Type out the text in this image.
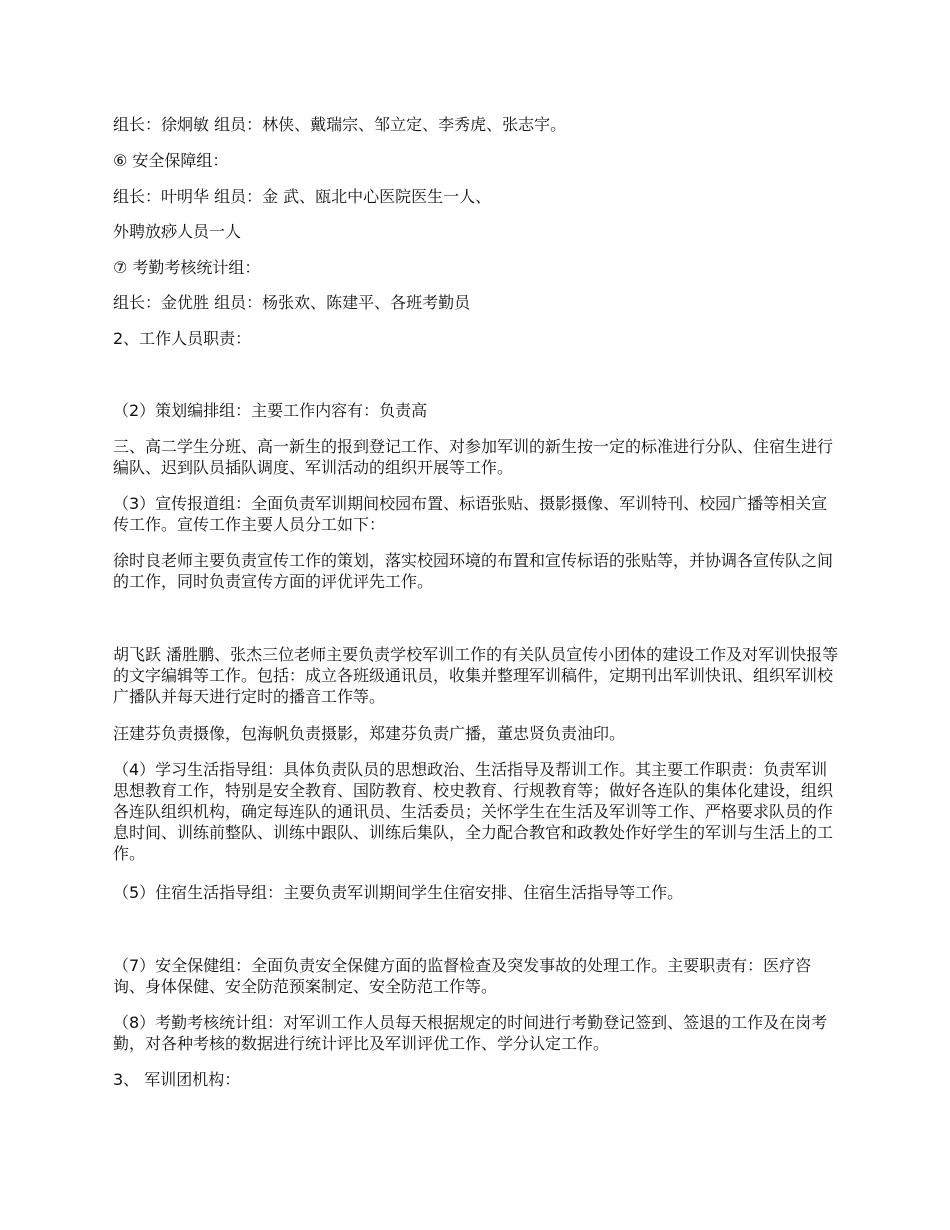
组长：徐炯敏 组员：林侠、戴瑞宗、邹立定、李秀虎、张志宇。

⑥ 安全保障组：

组长：叶明华 组员：金 武、瓯北中心医院医生一人、

外聘放痧人员一人

⑦ 考勤考核统计组：

组长：金优胜 组员：杨张欢、陈建平、各班考勤员

2、工作人员职责：

（2）策划编排组：主要工作内容有：负责高

三、高二学生分班、高一新生的报到登记工作、对参加军训的新生按一定的标准进行分队、住宿生进行编队、迟到队员插队调度、军训活动的组织开展等工作。

（3）宣传报道组：全面负责军训期间校园布置、标语张贴、摄影摄像、军训特刊、校园广播等相关宣传工作。宣传工作主要人员分工如下：

徐时良老师主要负责宣传工作的策划，落实校园环境的布置和宣传标语的张贴等，并协调各宣传队之间的工作，同时负责宣传方面的评优评先工作。

胡飞跃 潘胜鹏、张杰三位老师主要负责学校军训工作的有关队员宣传小团体的建设工作及对军训快报等的文字编辑等工作。包括：成立各班级通讯员，收集并整理军训稿件，定期刊出军训快讯、组织军训校广播队并每天进行定时的播音工作等。

汪建芬负责摄像，包海帆负责摄影，郑建芬负责广播，董忠贤负责油印。

（4）学习生活指导组：具体负责队员的思想政治、生活指导及帮训工作。其主要工作职责：负责军训思想教育工作，特别是安全教育、国防教育、校史教育、行规教育等；做好各连队的集体化建设，组织各连队组织机构，确定每连队的通讯员、生活委员；关怀学生在生活及军训等工作、严格要求队员的作息时间、训练前整队、训练中跟队、训练后集队，全力配合教官和政教处作好学生的军训与生活上的工作。

（5）住宿生活指导组：主要负责军训期间学生住宿安排、住宿生活指导等工作。

（7）安全保健组：全面负责安全保健方面的监督检查及突发事故的处理工作。主要职责有：医疗咨询、身体保健、安全防范预案制定、安全防范工作等。

（8）考勤考核统计组：对军训工作人员每天根据规定的时间进行考勤登记签到、签退的工作及在岗考勤，对各种考核的数据进行统计评比及军训评优工作、学分认定工作。

3、 军训团机构：
